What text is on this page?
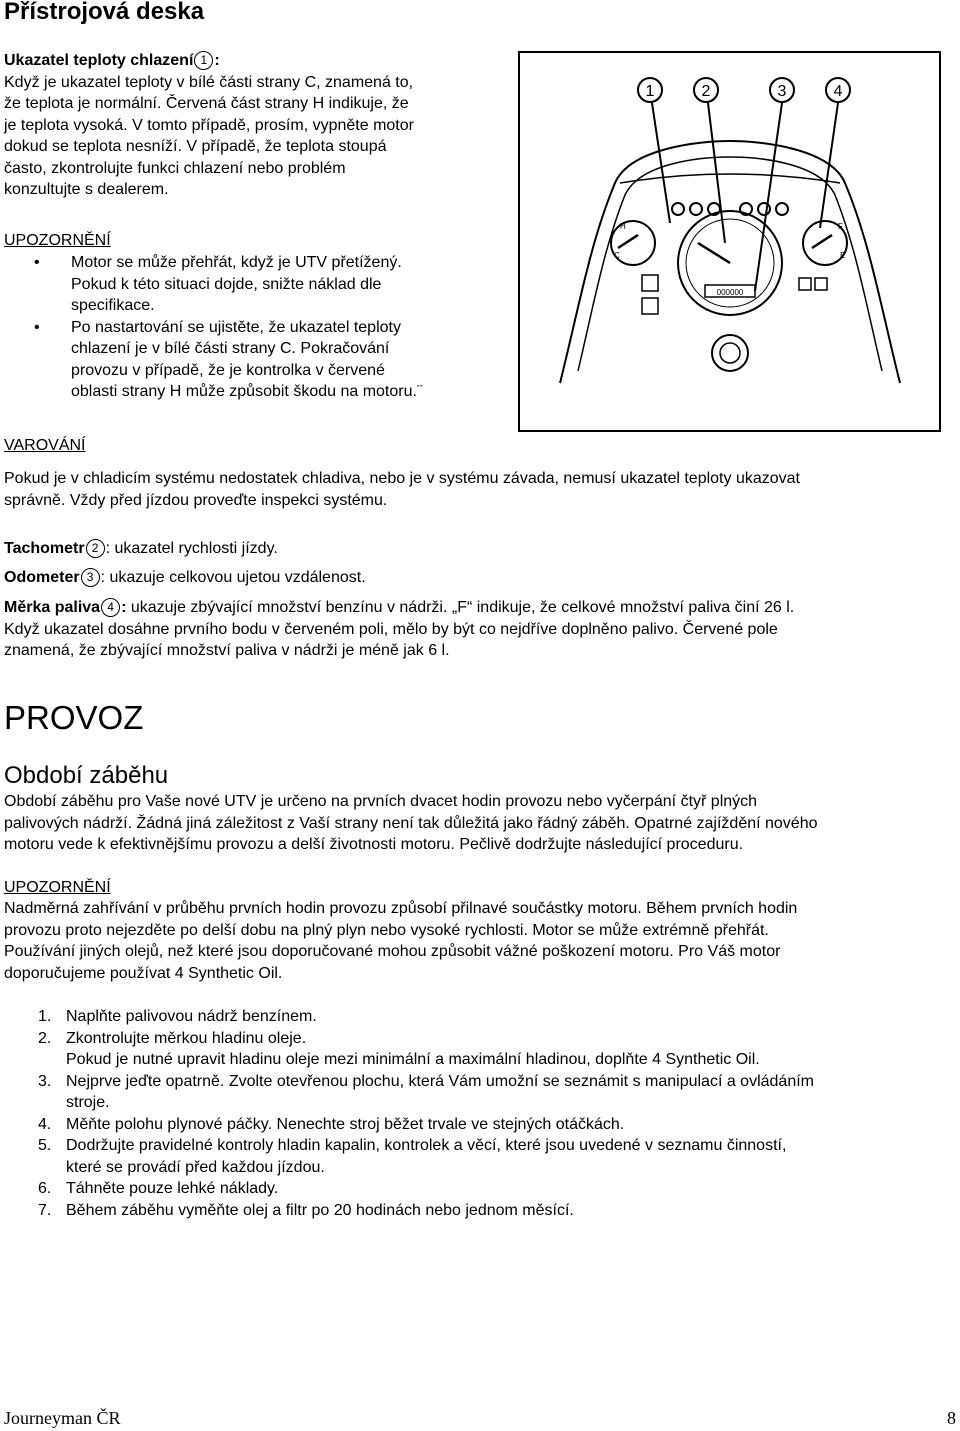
Přístrojová deska
Ukazatel teploty chlazení 1 :
Když je ukazatel teploty v bílé části strany C, znamená to,
že teplota je normální. Červená část strany H indikuje, že
je teplota vysoká. V tomto případě, prosím, vypněte motor
dokud se teplota nesníží. V případě, že teplota stoupá
často, zkontrolujte funkci chlazení nebo problém
konzultujte s dealerem.
UPOZORNĚNÍ
• Motor se může přehřát, když je UTV přetížený.
Pokud k této situaci dojde, snižte náklad dle
specifikace.
• Po nastartování se ujistěte, že ukazatel teploty
chlazení je v bílé části strany C. Pokračování
provozu v případě, že je kontrolka v červené
oblasti strany H může způsobit škodu na motoru.¨
1	2	3	4
H
C
F
E
000000
VAROVÁNÍ
Pokud je v chladicím systému nedostatek chladiva, nebo je v systému závada, nemusí ukazatel teploty ukazovat
správně. Vždy před jízdou proveďte inspekci systému.
Tachometr 2 : ukazatel rychlosti jízdy.
Odometer 3 : ukazuje celkovou ujetou vzdálenost.
Měrka paliva 4 : ukazuje zbývající množství benzínu v nádrži. „F“ indikuje, že celkové množství paliva činí 26 l.
Když ukazatel dosáhne prvního bodu v červeném poli, mělo by být co nejdříve doplněno palivo. Červené pole
znamená, že zbývající množství paliva v nádrži je méně jak 6 l.
PROVOZ
Období záběhu
Období záběhu pro Vaše nové UTV je určeno na prvních dvacet hodin provozu nebo vyčerpání čtyř plných
palivových nádrží. Žádná jiná záležitost z Vaší strany není tak důležitá jako řádný záběh. Opatrné zajíždění nového
motoru vede k efektivnějšímu provozu a delší životnosti motoru. Pečlivě dodržujte následující proceduru.
UPOZORNĚNÍ
Nadměrná zahřívání v průběhu prvních hodin provozu způsobí přilnavé součástky motoru. Během prvních hodin
provozu proto nejezděte po delší dobu na plný plyn nebo vysoké rychlosti. Motor se může extrémně přehřát.
Používání jiných olejů, než které jsou doporučované mohou způsobit vážné poškození motoru. Pro Váš motor
doporučujeme používat 4 Synthetic Oil.
1. Naplňte palivovou nádrž benzínem.
2. Zkontrolujte měrkou hladinu oleje.
Pokud je nutné upravit hladinu oleje mezi minimální a maximální hladinou, doplňte 4 Synthetic Oil.
3. Nejprve jeďte opatrně. Zvolte otevřenou plochu, která Vám umožní se seznámit s manipulací a ovládáním
stroje.
4. Měňte polohu plynové páčky. Nenechte stroj běžet trvale ve stejných otáčkách.
5. Dodržujte pravidelné kontroly hladin kapalin, kontrolek a věcí, které jsou uvedené v seznamu činností,
které se provádí před každou jízdou.
6. Táhněte pouze lehké náklady.
7. Během záběhu vyměňte olej a filtr po 20 hodinách nebo jednom měsící.
Journeyman ČR	8
